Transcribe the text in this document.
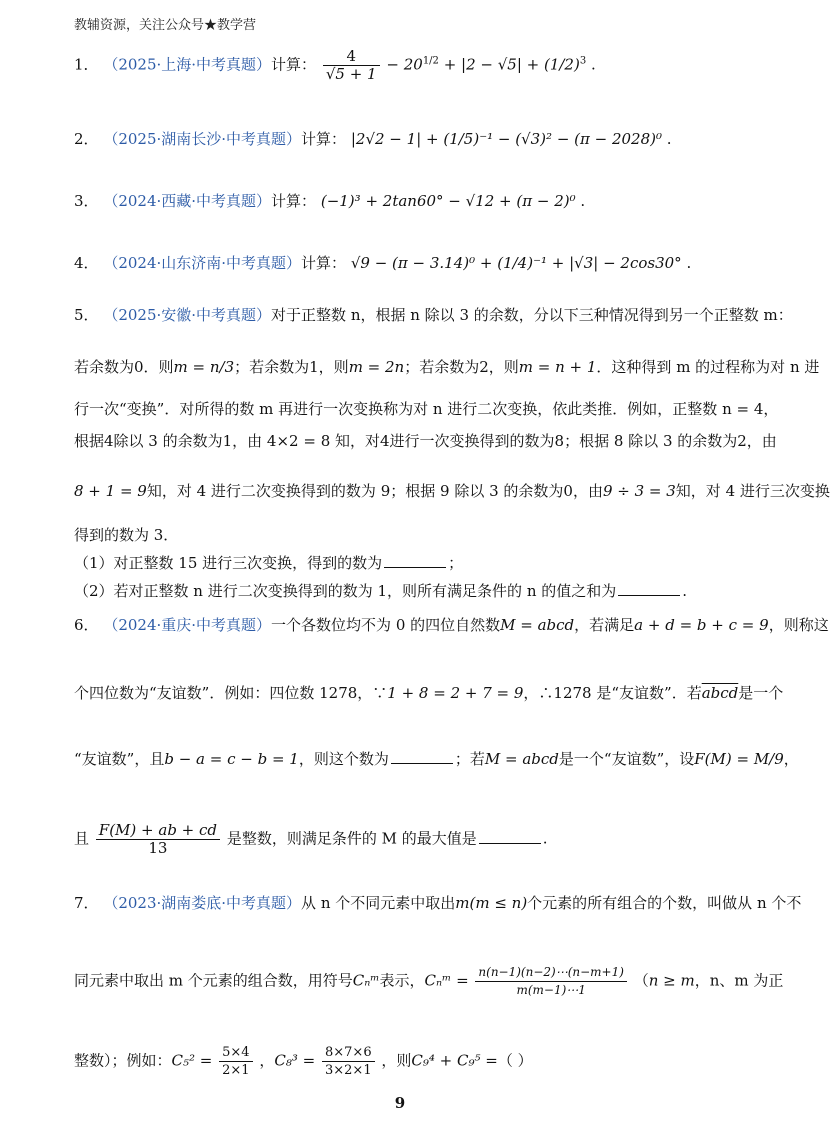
教辅资源，关注公众号★教学营
1． （2025·上海·中考真题）计算： $\frac{4}{√5 + 1} - 20^{1/2} + |2 - √5| + (1/2)^3$ .
2． （2025·湖南长沙·中考真题）计算： |2√2 − 1| + (1/5)⁻¹ − (√3)² − (π − 2028)⁰ .
3． （2024·西藏·中考真题）计算： (−1)³ + 2tan60° − √12 + (π − 2)⁰ .
4． （2024·山东济南·中考真题）计算： √9 − (π − 3.14)⁰ + (1/4)⁻¹ + |√3| − 2cos30° .
5． （2025·安徽·中考真题）对于正整数 n，根据 n 除以 3 的余数，分以下三种情况得到另一个正整数 m：
若余数为0．则m = n/3；若余数为1，则m = 2n；若余数为2，则m = n + 1．这种得到 m 的过程称为对 n 进
行一次“变换”．对所得的数 m 再进行一次变换称为对 n 进行二次变换，依此类推．例如，正整数 n = 4，
根据4除以 3 的余数为1，由 4×2 = 8 知，对4进行一次变换得到的数为8；根据 8 除以 3 的余数为2，由
8 + 1 = 9知，对 4 进行二次变换得到的数为 9；根据 9 除以 3 的余数为0，由9 ÷ 3 = 3知，对 4 进行三次变换
得到的数为 3．
（1）对正整数 15 进行三次变换，得到的数为	；
（2）若对正整数 n 进行二次变换得到的数为 1，则所有满足条件的 n 的值之和为	.
6． （2024·重庆·中考真题）一个各数位均不为 0 的四位自然数M = abcd，若满足a + d = b + c = 9，则称这
个四位数为“友谊数”．例如：四位数 1278，∵1 + 8 = 2 + 7 = 9，∴1278 是“友谊数”．若abcd是一个
“友谊数”，且b − a = c − b = 1，则这个数为	；若M = abcd是一个“友谊数”，设F(M) = M/9，
且 $\frac{F(M) + ab + cd}{13}$ 是整数，则满足条件的 M 的最大值是	.
7． （2023·湖南娄底·中考真题）从 n 个不同元素中取出m(m ≤ n)个元素的所有组合的个数，叫做从 n 个不
同元素中取出 m 个元素的组合数，用符号Cₙᵐ表示，Cₙᵐ = $\frac{n(n-1)(n-2)\cdots(n-m+1)}{m(m-1)\cdots 1} (n \ge m$，n、m 为正
整数）；例如：$C_5^2 = \frac{5\times 4}{2\times 1}$ ，$C_8^3 = \frac{8\times 7\times 6}{3\times 2\times 1}$ ，则C₉⁴ + C₉⁵ =（ ）
9
